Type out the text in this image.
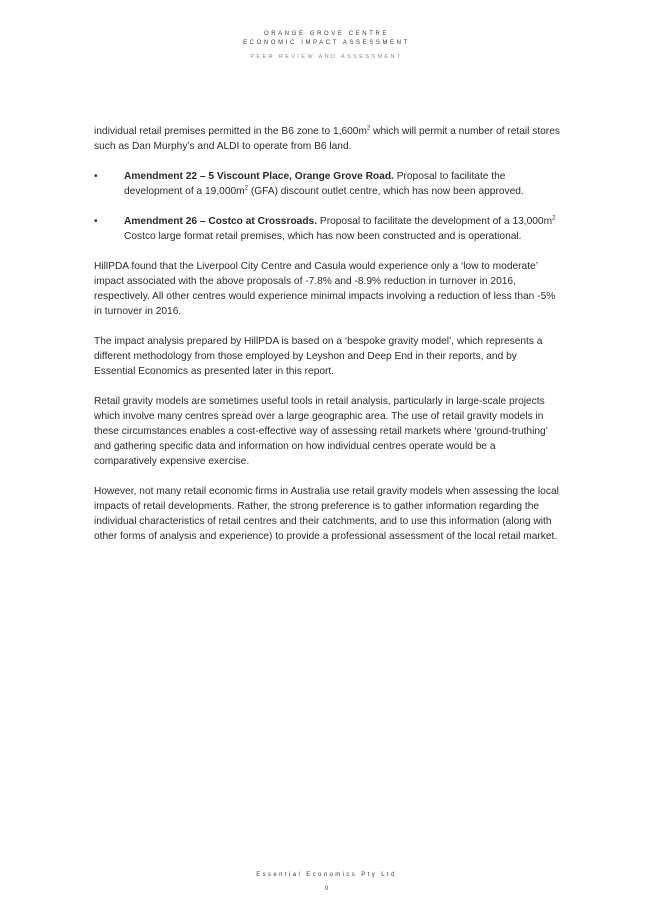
ORANGE GROVE CENTRE
ECONOMIC IMPACT ASSESSMENT
PEER REVIEW AND ASSESSMENT

individual retail premises permitted in the B6 zone to $1,600m^2$ which will permit a number of retail stores such as Dan Murphy’s and ALDI to operate from B6 land.

•	Amendment 22 – 5 Viscount Place, Orange Grove Road. Proposal to facilitate the development of a $19,000m^2$ (GFA) discount outlet centre, which has now been approved.
•	Amendment 26 – Costco at Crossroads. Proposal to facilitate the development of a $13,000m^2$ Costco large format retail premises, which has now been constructed and is operational.

HillPDA found that the Liverpool City Centre and Casula would experience only a ‘low to moderate’ impact associated with the above proposals of -7.8% and -8.9% reduction in turnover in 2016, respectively. All other centres would experience minimal impacts involving a reduction of less than -5% in turnover in 2016.

The impact analysis prepared by HillPDA is based on a ‘bespoke gravity model’, which represents a different methodology from those employed by Leyshon and Deep End in their reports, and by Essential Economics as presented later in this report.

Retail gravity models are sometimes useful tools in retail analysis, particularly in large-scale projects which involve many centres spread over a large geographic area. The use of retail gravity models in these circumstances enables a cost-effective way of assessing retail markets where ‘ground-truthing’ and gathering specific data and information on how individual centres operate would be a comparatively expensive exercise.

However, not many retail economic firms in Australia use retail gravity models when assessing the local impacts of retail developments. Rather, the strong preference is to gather information regarding the individual characteristics of retail centres and their catchments, and to use this information (along with other forms of analysis and experience) to provide a professional assessment of the local retail market.

Essential Economics Pty Ltd
9
